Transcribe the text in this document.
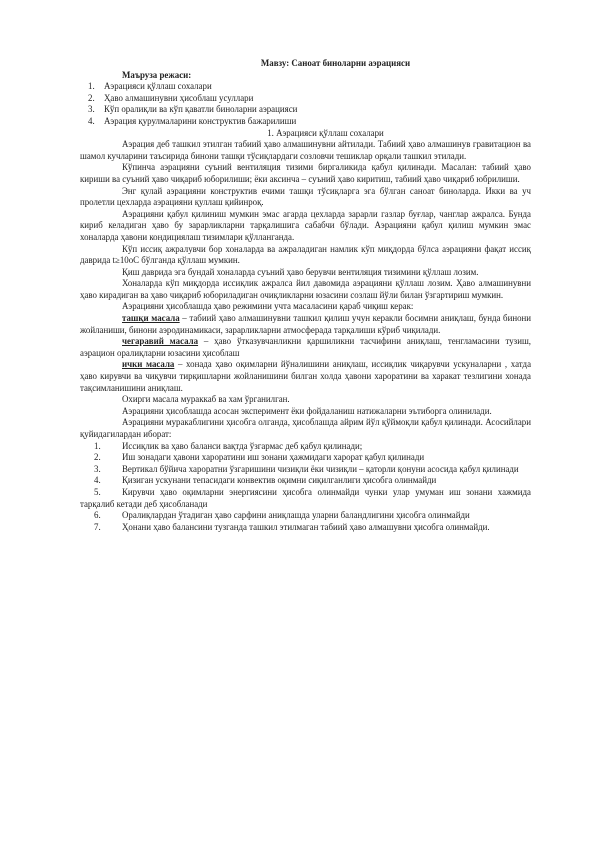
Мавзу: Саноат биноларни аэрацияси
Маъруза режаси:
1.	Аэрацияси қўллаш сохалари
2.	Ҳаво алмашинувни ҳисоблаш усуллари
3.	Кўп оралиқли ва кўп қаватли биноларни аэрацияси
4.	Аэрация қурулмаларини конструктив бажарилиши
1. Аэрацияси қўллаш сохалари

Аэрация деб ташкил этилган табиий ҳаво алмашинувни айтилади. Табиий ҳаво алмашинув гравитацион ва шамол кучларини таъсирида бинони ташқи тўсиқлардаги созловчи тешиклар орқали ташкил этилади.

Кўпинча аэрацияни суъний вентиляция тизими биргаликида қабул қилинади. Масалан: табиий ҳаво кириши ва суъний ҳаво чиқариб юборилиши; ёки аксинча – суъний ҳаво киритиш, табиий ҳаво чиқариб юбрилиши.

Энг қулай аэрацияни конструктив ечими ташқи тўсиқларга эга бўлган саноат биноларда. Икки ва уч пролетли цехларда аэрацияни қуллаш қийинроқ.

Аэрацияни қабул қилиниш мумкин эмас агарда цехларда зарарли газлар буғлар, чанглар ажралса. Бунда кириб келадиган ҳаво бу зарарликларни тарқалишига сабабчи бўлади. Аэрацияни қабул қилиш мумкин эмас хоналарда ҳавони кондициялаш тизимлари қўлланганда.

Кўп иссиқ ажралувчи бор хоналарда ва ажраладиган намлик кўп миқдорда бўлса аэрацияни фақат иссиқ даврида t≥10оС бўлганда қўллаш мумкин.

Қиш даврида эга бундай хоналарда суъний ҳаво берувчи вентиляция тизимини қўллаш лозим.

Хоналарда кўп миқдорда иссиқлик ажралса йил давомида аэрацияни қўллаш лозим. Ҳаво алмашинувни ҳаво кирадиган ва ҳаво чиқариб юбориладиган очиқликларни юзасини созлаш йўли билан ўзгартириш мумкин.

Аэрацияни ҳисоблашда ҳаво режимини учта масаласини қараб чиқиш керак:

ташқи масала – табиий ҳаво алмашинувни ташкил қилиш учун керакли босимни аниқлаш, бунда бинони жойланиши, бинони аэродинамикаси, зарарликларни атмосферада тарқалиши кўриб чиқилади.

чегаравий масала – ҳаво ўтказувчанликни қаршиликни тасчифини аниқлаш, тенгламасини тузиш, аэрацион оралиқларни юзасини ҳисоблаш

ички масала – хонада ҳаво оқимларни йўналишини аниқлаш, иссиқлик чиқарувчи ускуналарни , хатда ҳаво кирувчи ва чиқувчи тирқишларни жойланишини билган холда ҳавони хароратини ва харакат тезлигини хонада тақсимланишини аниқлаш.

Охирги масала мураккаб ва хам ўрганилган.

Аэрацияни ҳисоблашда асосан эксперимент ёки фойдаланиш натижаларни эътиборга олинилади.

Аэрацияни муракаблигини ҳисобга олганда, ҳисоблашда айрим йўл қўймоқли қабул қилинади. Асосийлари қуйидагилардан иборат:

1. Иссиқлик ва ҳаво баланси вақтда ўзгармас деб қабул қилинади;
2. Иш зонадаги ҳавони хароратини иш зонани ҳажмидаги харорат қабул қилинади
3. Вертикал бўйича хароратни ўзгаришини чизиқли ёки чизиқли – қаторли қонуни асосида қабул қилинади
4. Қизиган ускунани тепасидаги конвектив оқимни сиқилганлиги ҳисобга олинмайди
5. Кирувчи ҳаво оқимларни энергиясини ҳисобга олинмайди чунки улар умуман иш зонани хажмида тарқалиб кетади деб ҳисобланади
6. Оралиқлардан ўтадиган ҳаво сарфини аниқлашда уларни баландлигини ҳисобга олинмайди
7. Ҳонани ҳаво балансини тузганда ташкил этилмаган табиий ҳаво алмашувни ҳисобга олинмайди.
